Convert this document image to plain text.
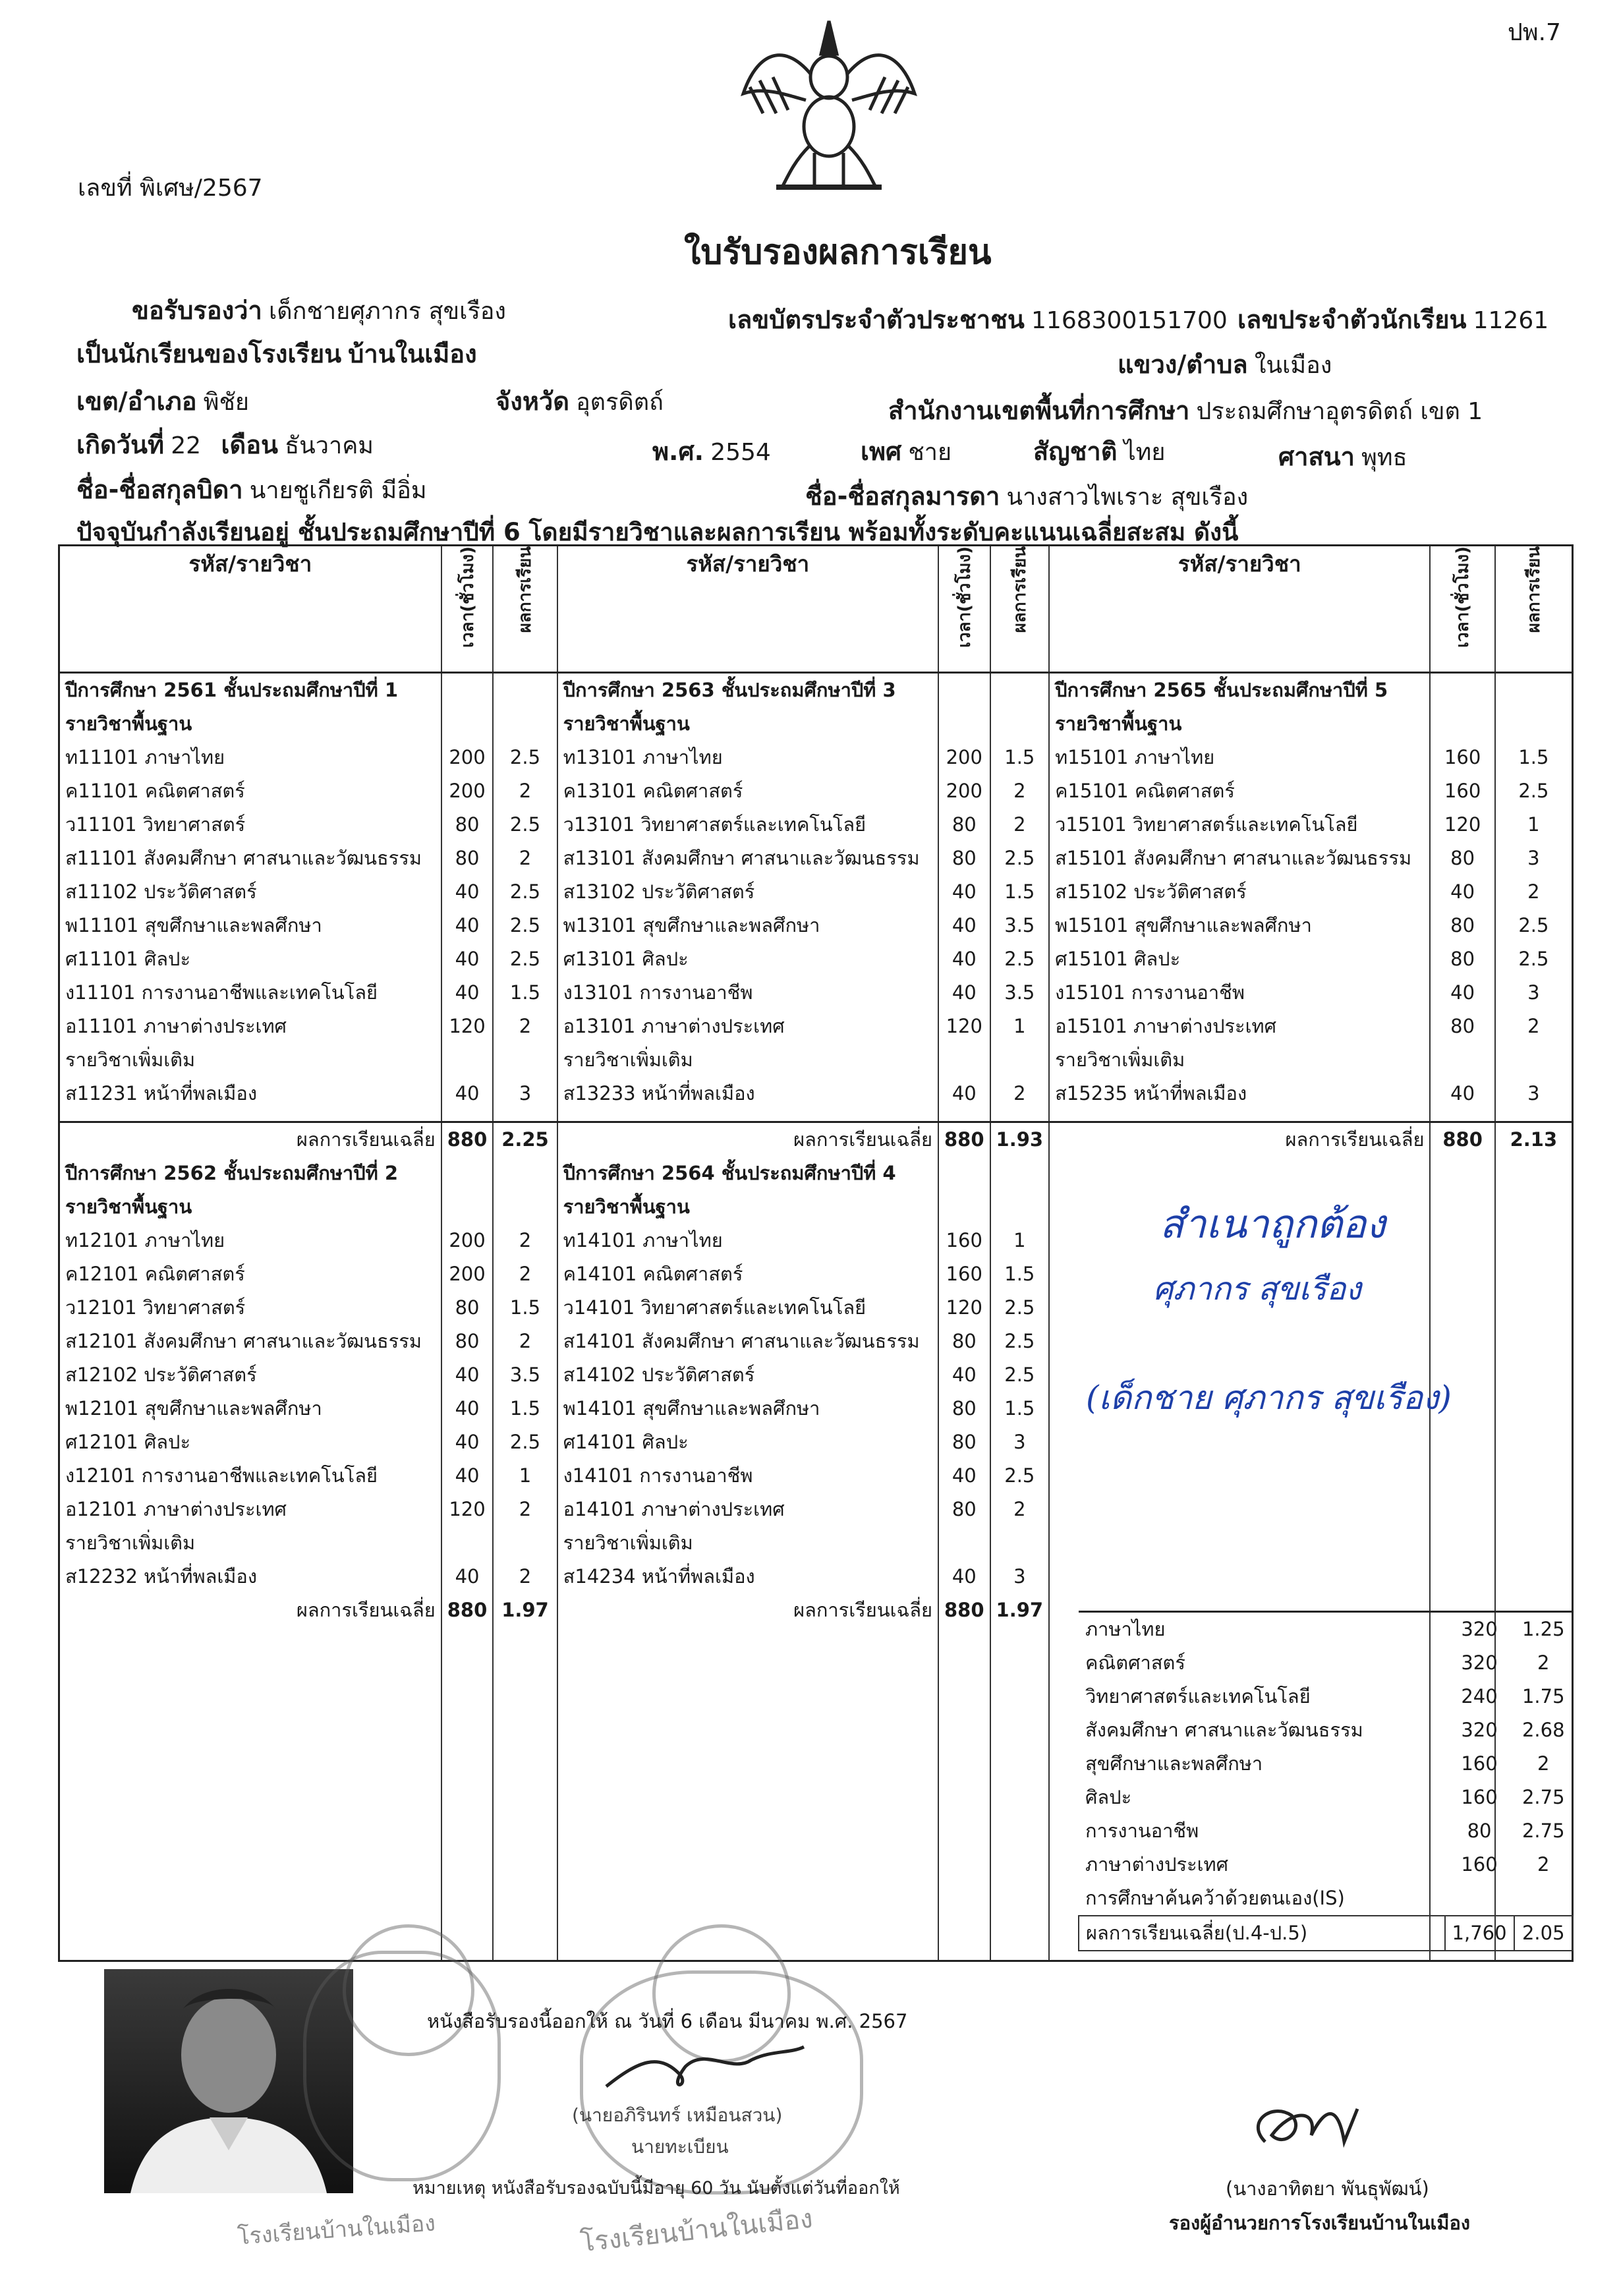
ปพ.7
เลขที่ พิเศษ/2567
ใบรับรองผลการเรียน
ขอรับรองว่า เด็กชายศุภากร สุขเรือง	เลขบัตรประจำตัวประชาชน 1168300151700 เลขประจำตัวนักเรียน 11261
เป็นนักเรียนของโรงเรียน บ้านในเมือง	แขวง/ตำบล ในเมือง
เขต/อำเภอ พิชัย	จังหวัด อุตรดิตถ์	สำนักงานเขตพื้นที่การศึกษา ประถมศึกษาอุตรดิตถ์ เขต 1
เกิดวันที่ 22 เดือน ธันวาคม	พ.ศ. 2554	เพศ ชาย	สัญชาติ ไทย	ศาสนา พุทธ
ชื่อ-ชื่อสกุลบิดา นายชูเกียรติ มีอิ่ม	ชื่อ-ชื่อสกุลมารดา นางสาวไพเราะ สุขเรือง
ปัจจุบันกำลังเรียนอยู่ ชั้นประถมศึกษาปีที่ 6 โดยมีรายวิชาและผลการเรียน พร้อมทั้งระดับคะแนนเฉลี่ยสะสม ดังนี้
รหัส/รายวิชา	เวลา(ชั่วโมง)	ผลการเรียน	รหัส/รายวิชา	เวลา(ชั่วโมง)	ผลการเรียน	รหัส/รายวิชา	เวลา(ชั่วโมง)	ผลการเรียน
ปีการศึกษา 2561 ชั้นประถมศึกษาปีที่ 1			ปีการศึกษา 2563 ชั้นประถมศึกษาปีที่ 3			ปีการศึกษา 2565 ชั้นประถมศึกษาปีที่ 5		
รายวิชาพื้นฐาน			รายวิชาพื้นฐาน			รายวิชาพื้นฐาน		
ท11101 ภาษาไทย	200	2.5	ท13101 ภาษาไทย	200	1.5	ท15101 ภาษาไทย	160	1.5
ค11101 คณิตศาสตร์	200	2	ค13101 คณิตศาสตร์	200	2	ค15101 คณิตศาสตร์	160	2.5
ว11101 วิทยาศาสตร์	80	2.5	ว13101 วิทยาศาสตร์และเทคโนโลยี	80	2	ว15101 วิทยาศาสตร์และเทคโนโลยี	120	1
ส11101 สังคมศึกษา ศาสนาและวัฒนธรรม	80	2	ส13101 สังคมศึกษา ศาสนาและวัฒนธรรม	80	2.5	ส15101 สังคมศึกษา ศาสนาและวัฒนธรรม	80	3
ส11102 ประวัติศาสตร์	40	2.5	ส13102 ประวัติศาสตร์	40	1.5	ส15102 ประวัติศาสตร์	40	2
พ11101 สุขศึกษาและพลศึกษา	40	2.5	พ13101 สุขศึกษาและพลศึกษา	40	3.5	พ15101 สุขศึกษาและพลศึกษา	80	2.5
ศ11101 ศิลปะ	40	2.5	ศ13101 ศิลปะ	40	2.5	ศ15101 ศิลปะ	80	2.5
ง11101 การงานอาชีพและเทคโนโลยี	40	1.5	ง13101 การงานอาชีพ	40	3.5	ง15101 การงานอาชีพ	40	3
อ11101 ภาษาต่างประเทศ	120	2	อ13101 ภาษาต่างประเทศ	120	1	อ15101 ภาษาต่างประเทศ	80	2
รายวิชาเพิ่มเติม			รายวิชาเพิ่มเติม			รายวิชาเพิ่มเติม		
ส11231 หน้าที่พลเมือง	40	3	ส13233 หน้าที่พลเมือง	40	2	ส15235 หน้าที่พลเมือง	40	3

ผลการเรียนเฉลี่ย	880	2.25	ผลการเรียนเฉลี่ย	880	1.93	ผลการเรียนเฉลี่ย	880	2.13
ปีการศึกษา 2562 ชั้นประถมศึกษาปีที่ 2			ปีการศึกษา 2564 ชั้นประถมศึกษาปีที่ 4					
รายวิชาพื้นฐาน			รายวิชาพื้นฐาน					
ท12101 ภาษาไทย	200	2	ท14101 ภาษาไทย	160	1			
ค12101 คณิตศาสตร์	200	2	ค14101 คณิตศาสตร์	160	1.5			
ว12101 วิทยาศาสตร์	80	1.5	ว14101 วิทยาศาสตร์และเทคโนโลยี	120	2.5			
ส12101 สังคมศึกษา ศาสนาและวัฒนธรรม	80	2	ส14101 สังคมศึกษา ศาสนาและวัฒนธรรม	80	2.5			
ส12102 ประวัติศาสตร์	40	3.5	ส14102 ประวัติศาสตร์	40	2.5			
พ12101 สุขศึกษาและพลศึกษา	40	1.5	พ14101 สุขศึกษาและพลศึกษา	80	1.5			
ศ12101 ศิลปะ	40	2.5	ศ14101 ศิลปะ	80	3			
ง12101 การงานอาชีพและเทคโนโลยี	40	1	ง14101 การงานอาชีพ	40	2.5			
อ12101 ภาษาต่างประเทศ	120	2	อ14101 ภาษาต่างประเทศ	80	2			
รายวิชาเพิ่มเติม			รายวิชาเพิ่มเติม					
ส12232 หน้าที่พลเมือง	40	2	ส14234 หน้าที่พลเมือง	40	3			
ผลการเรียนเฉลี่ย	880	1.97	ผลการเรียนเฉลี่ย	880	1.97			

สำเนาถูกต้อง
ศุภากร สุขเรือง
(เด็กชาย ศุภากร สุขเรือง)
ภาษาไทย	320	1.25
คณิตศาสตร์	320	2
วิทยาศาสตร์และเทคโนโลยี	240	1.75
สังคมศึกษา ศาสนาและวัฒนธรรม	320	2.68
สุขศึกษาและพลศึกษา	160	2
ศิลปะ	160	2.75
การงานอาชีพ	80	2.75
ภาษาต่างประเทศ	160	2
การศึกษาค้นคว้าด้วยตนเอง(IS)		
ผลการเรียนเฉลี่ย(ป.4-ป.5)	1,760	2.05
หนังสือรับรองนี้ออกให้ ณ วันที่ 6 เดือน มีนาคม พ.ศ. 2567
(นายอภิรินทร์ เหมือนสวน)
นายทะเบียน
หมายเหตุ หนังสือรับรองฉบับนี้มีอายุ 60 วัน นับตั้งแต่วันที่ออกให้	(นางอาทิตยา พันธุพัฒน์)
รองผู้อำนวยการโรงเรียนบ้านในเมือง
โรงเรียนบ้านในเมือง	โรงเรียนบ้านในเมือง
